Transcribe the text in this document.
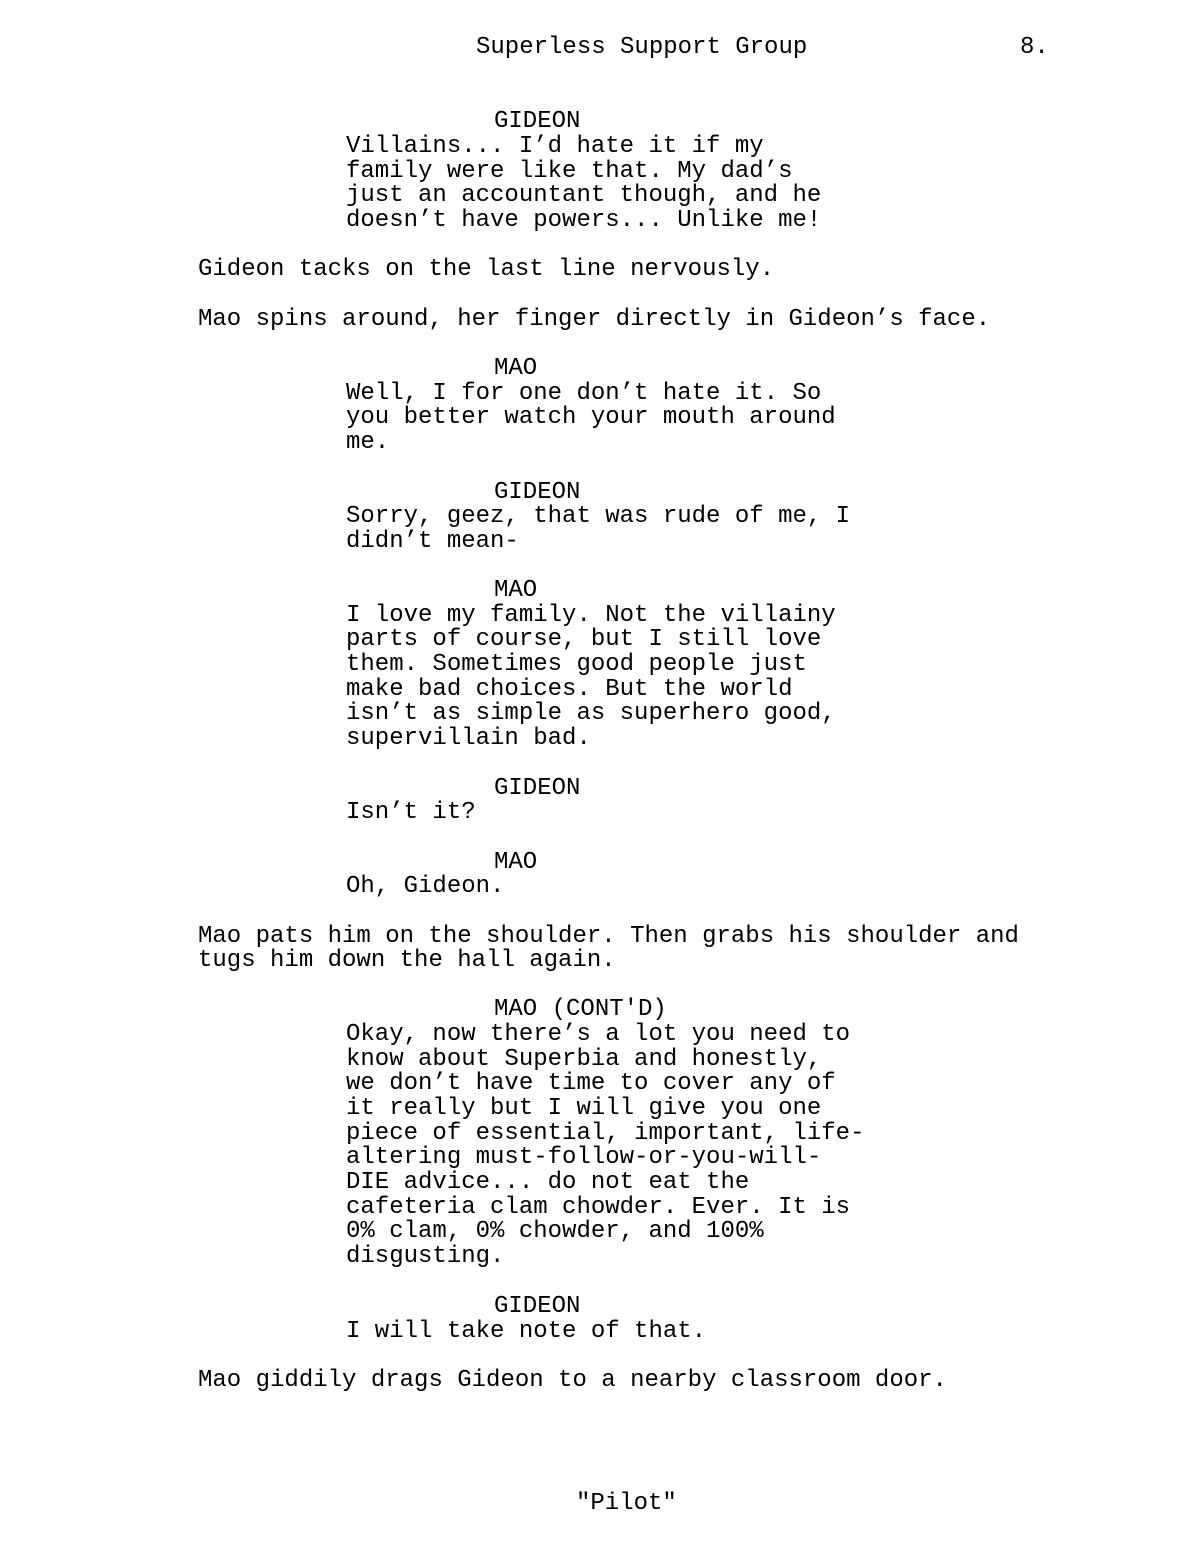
Superless Support Group	8.
GIDEON
Villains... I’d hate it if my
family were like that. My dad’s
just an accountant though, and he
doesn’t have powers... Unlike me!
Gideon tacks on the last line nervously.
Mao spins around, her finger directly in Gideon’s face.
MAO
Well, I for one don’t hate it. So
you better watch your mouth around
me.
GIDEON
Sorry, geez, that was rude of me, I
didn’t mean-
MAO
I love my family. Not the villainy
parts of course, but I still love
them. Sometimes good people just
make bad choices. But the world
isn’t as simple as superhero good,
supervillain bad.
GIDEON
Isn’t it?
MAO
Oh, Gideon.
Mao pats him on the shoulder. Then grabs his shoulder and
tugs him down the hall again.
MAO (CONT'D)
Okay, now there’s a lot you need to
know about Superbia and honestly,
we don’t have time to cover any of
it really but I will give you one
piece of essential, important, life-
altering must-follow-or-you-will-
DIE advice... do not eat the
cafeteria clam chowder. Ever. It is
0% clam, 0% chowder, and 100%
disgusting.
GIDEON
I will take note of that.
Mao giddily drags Gideon to a nearby classroom door.
"Pilot"
